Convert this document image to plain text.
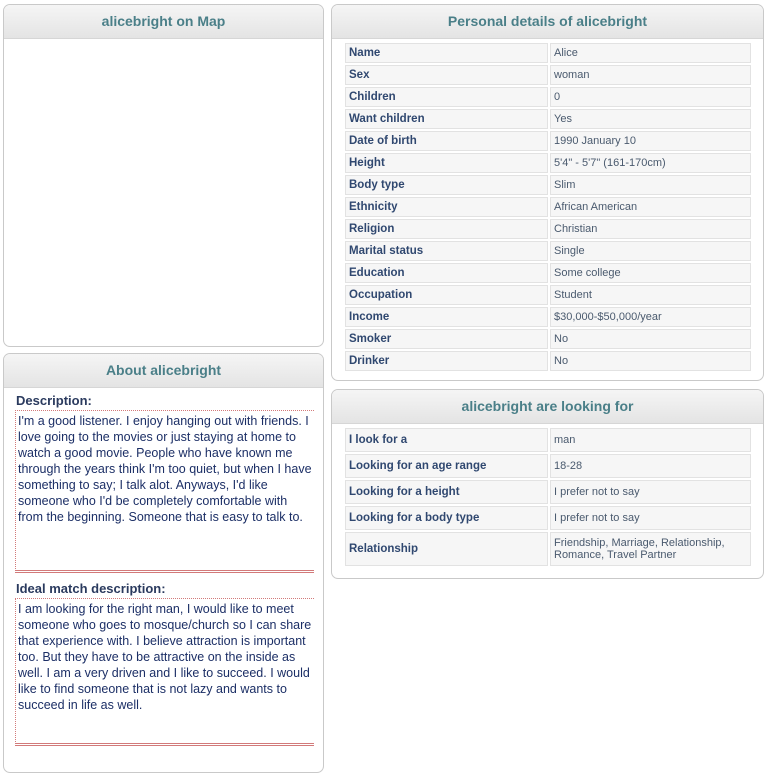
alicebright on Map
About alicebright
Description:
I'm a good listener. I enjoy hanging out with friends. I love going to the movies or just staying at home to watch a good movie. People who have known me through the years think I'm too quiet, but when I have something to say; I talk alot. Anyways, I'd like someone who I'd be completely comfortable with from the beginning. Someone that is easy to talk to.
Ideal match description:
I am looking for the right man, I would like to meet someone who goes to mosque/church so I can share that experience with. I believe attraction is important too. But they have to be attractive on the inside as well. I am a very driven and I like to succeed. I would like to find someone that is not lazy and wants to succeed in life as well.
Personal details of alicebright
Name	Alice
Sex	woman
Children	0
Want children	Yes
Date of birth	1990 January 10
Height	5'4" - 5'7" (161-170cm)
Body type	Slim
Ethnicity	African American
Religion	Christian
Marital status	Single
Education	Some college
Occupation	Student
Income	$30,000-$50,000/year
Smoker	No
Drinker	No
alicebright are looking for
I look for a	man
Looking for an age range	18-28
Looking for a height	I prefer not to say
Looking for a body type	I prefer not to say
Relationship	Friendship, Marriage, Relationship, Romance, Travel Partner
